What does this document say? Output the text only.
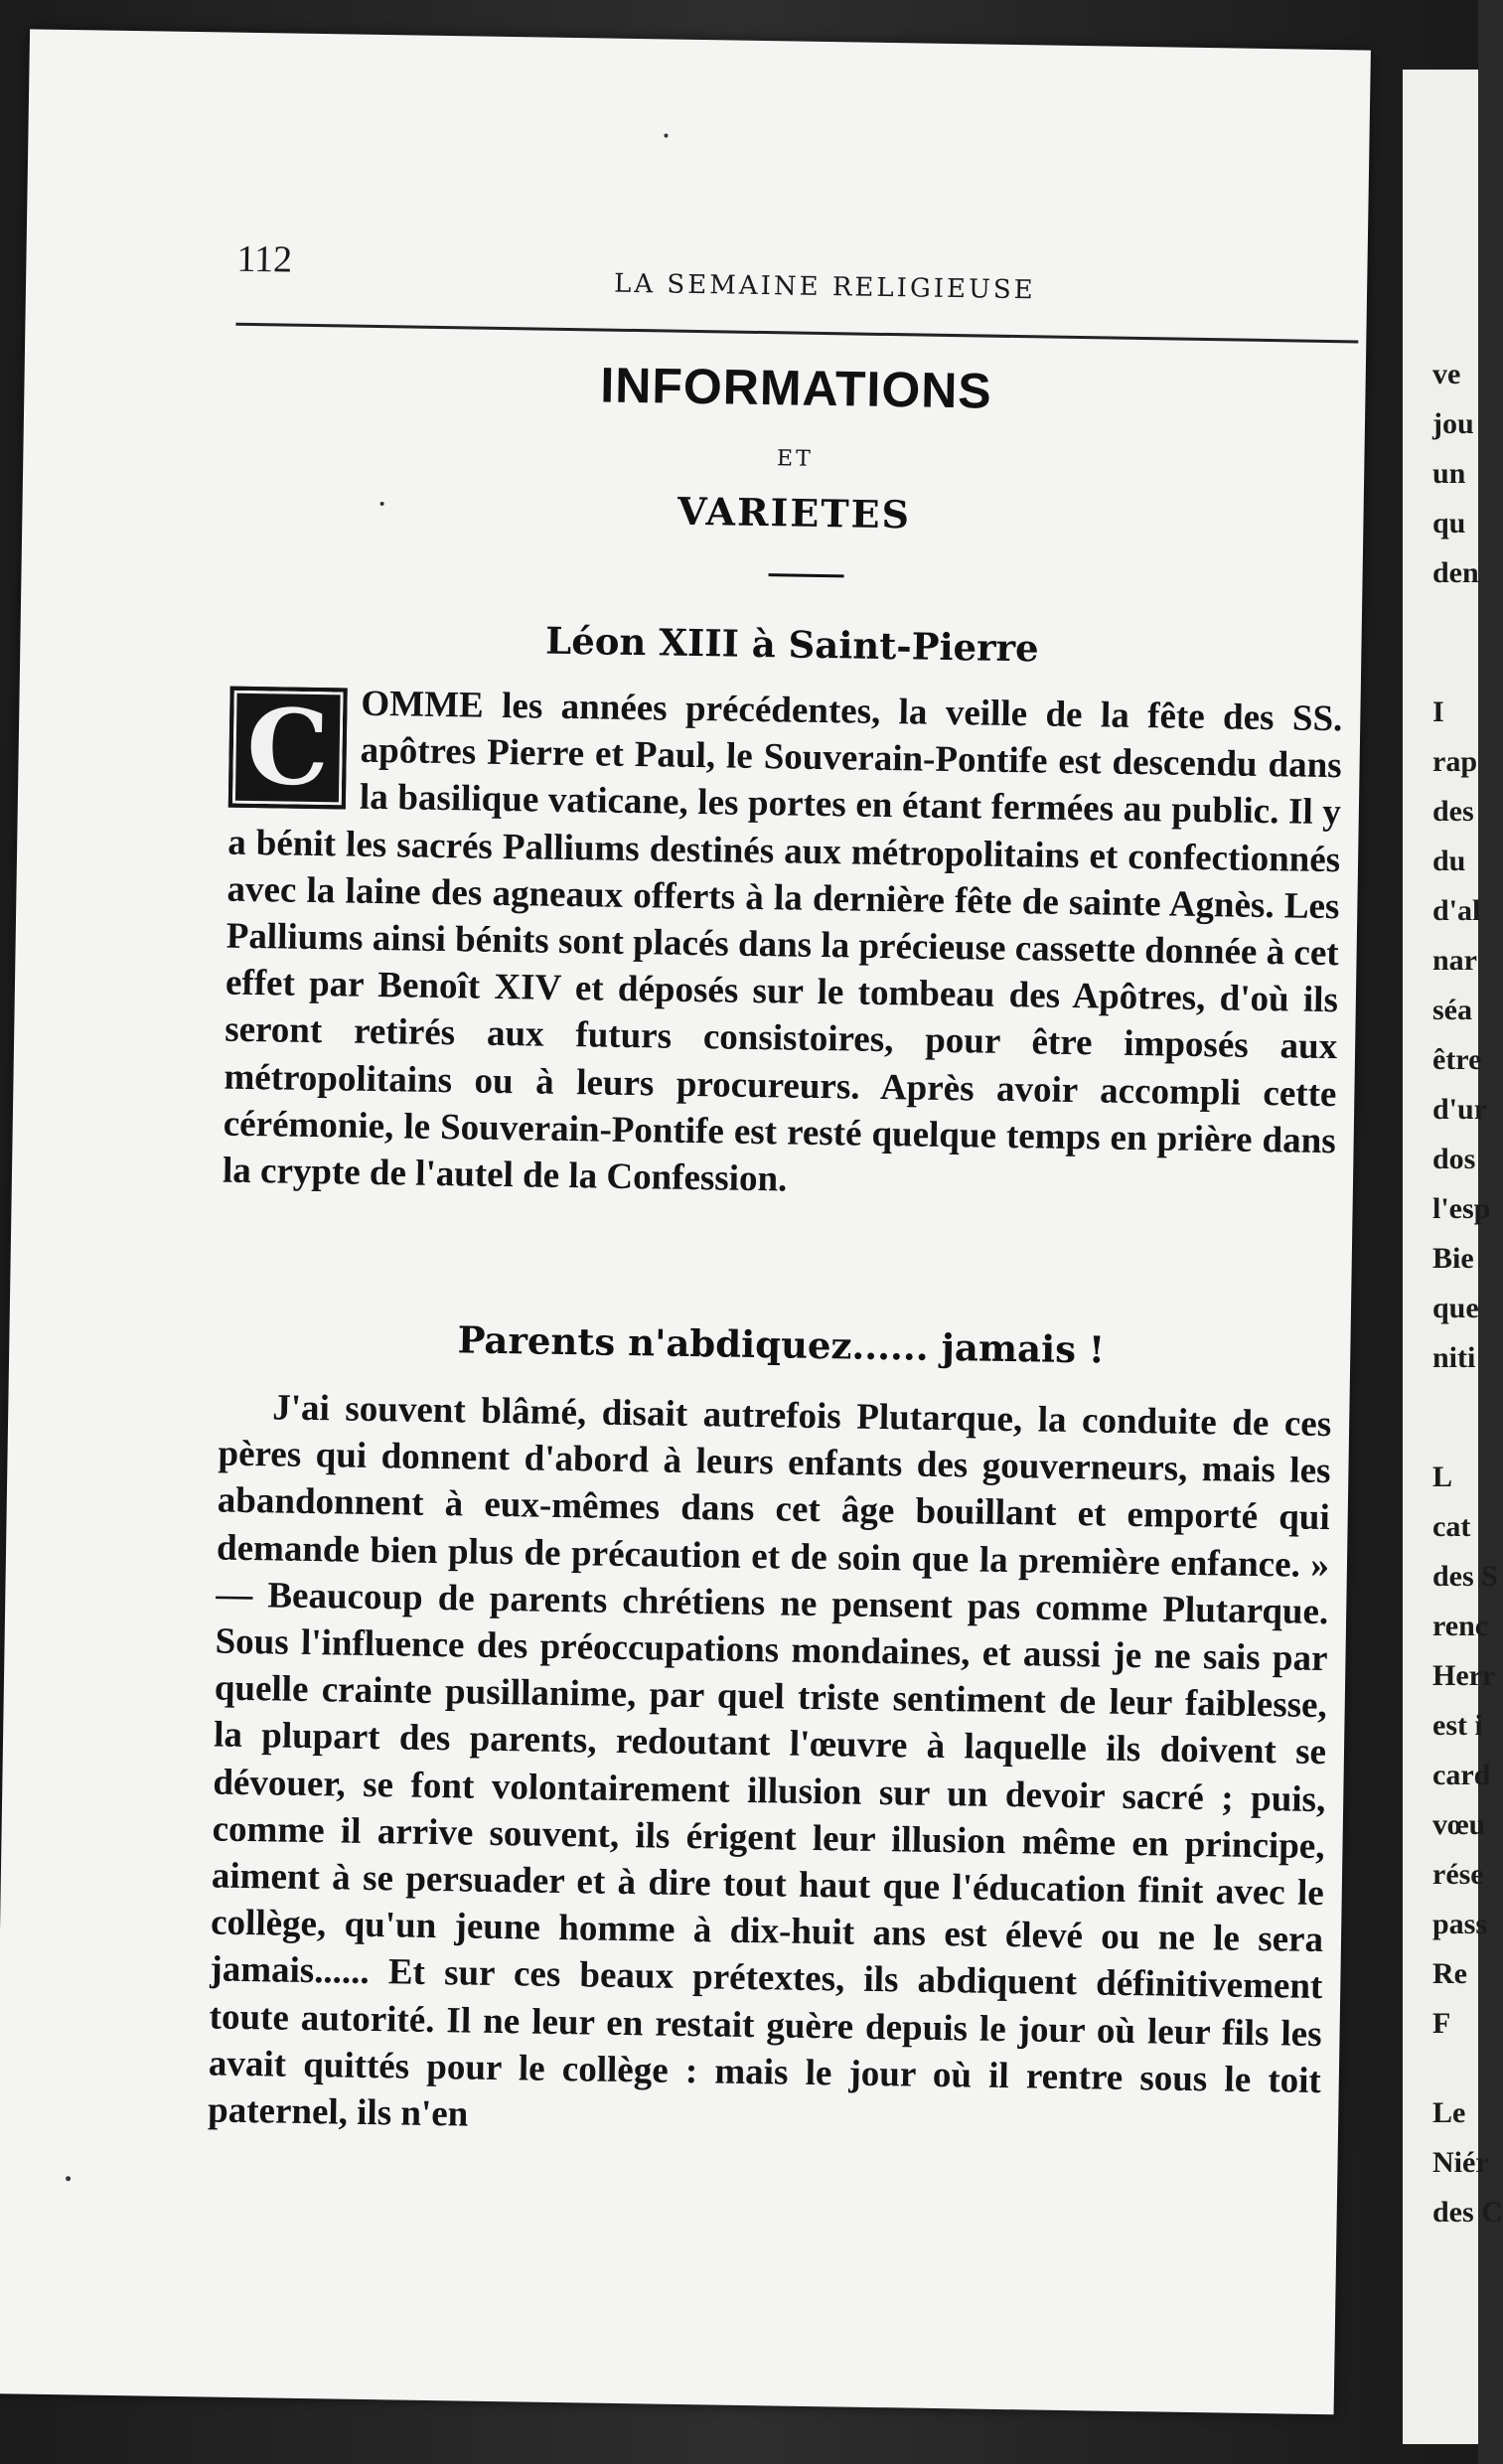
ve
jou
un
qu
den
I
rap
des
du
d'al
nar
séa
être
d'ur
dos
l'esp
Bie
que
niti
L
cat
des S
renc
Herr
est i
card
vœu
rése
pass
Re
F
Le
Niér
des C
112
LA SEMAINE RELIGIEUSE
INFORMATIONS
ET
VARIETES
Léon XIII à Saint-Pierre
C OMME les années précédentes, la veille de la fête des SS. apôtres Pierre et Paul, le Souverain-Pontife est descendu dans la basilique vaticane, les portes en étant fermées au public. Il y a bénit les sacrés Palliums destinés aux métropolitains et confectionnés avec la laine des agneaux offerts à la dernière fête de sainte Agnès. Les Palliums ainsi bénits sont placés dans la précieuse cassette donnée à cet effet par Benoît XIV et déposés sur le tombeau des Apôtres, d'où ils seront retirés aux futurs consistoires, pour être imposés aux métropolitains ou à leurs procureurs. Après avoir accompli cette cérémonie, le Souverain-Pontife est resté quelque temps en prière dans la crypte de l'autel de la Confession.
Parents n'abdiquez...... jamais !
J'ai souvent blâmé, disait autrefois Plutarque, la conduite de ces pères qui donnent d'abord à leurs enfants des gouverneurs, mais les abandonnent à eux-mêmes dans cet âge bouillant et emporté qui demande bien plus de précaution et de soin que la première enfance. » — Beaucoup de parents chrétiens ne pensent pas comme Plutarque. Sous l'influence des préoccupations mondaines, et aussi je ne sais par quelle crainte pusillanime, par quel triste sentiment de leur faiblesse, la plupart des parents, redoutant l'œuvre à laquelle ils doivent se dévouer, se font volontairement illusion sur un devoir sacré ; puis, comme il arrive souvent, ils érigent leur illusion même en principe, aiment à se persuader et à dire tout haut que l'éducation finit avec le collège, qu'un jeune homme à dix-huit ans est élevé ou ne le sera jamais...... Et sur ces beaux prétextes, ils abdiquent définitivement toute autorité. Il ne leur en restait guère depuis le jour où leur fils les avait quittés pour le collège : mais le jour où il rentre sous le toit paternel, ils n'en
